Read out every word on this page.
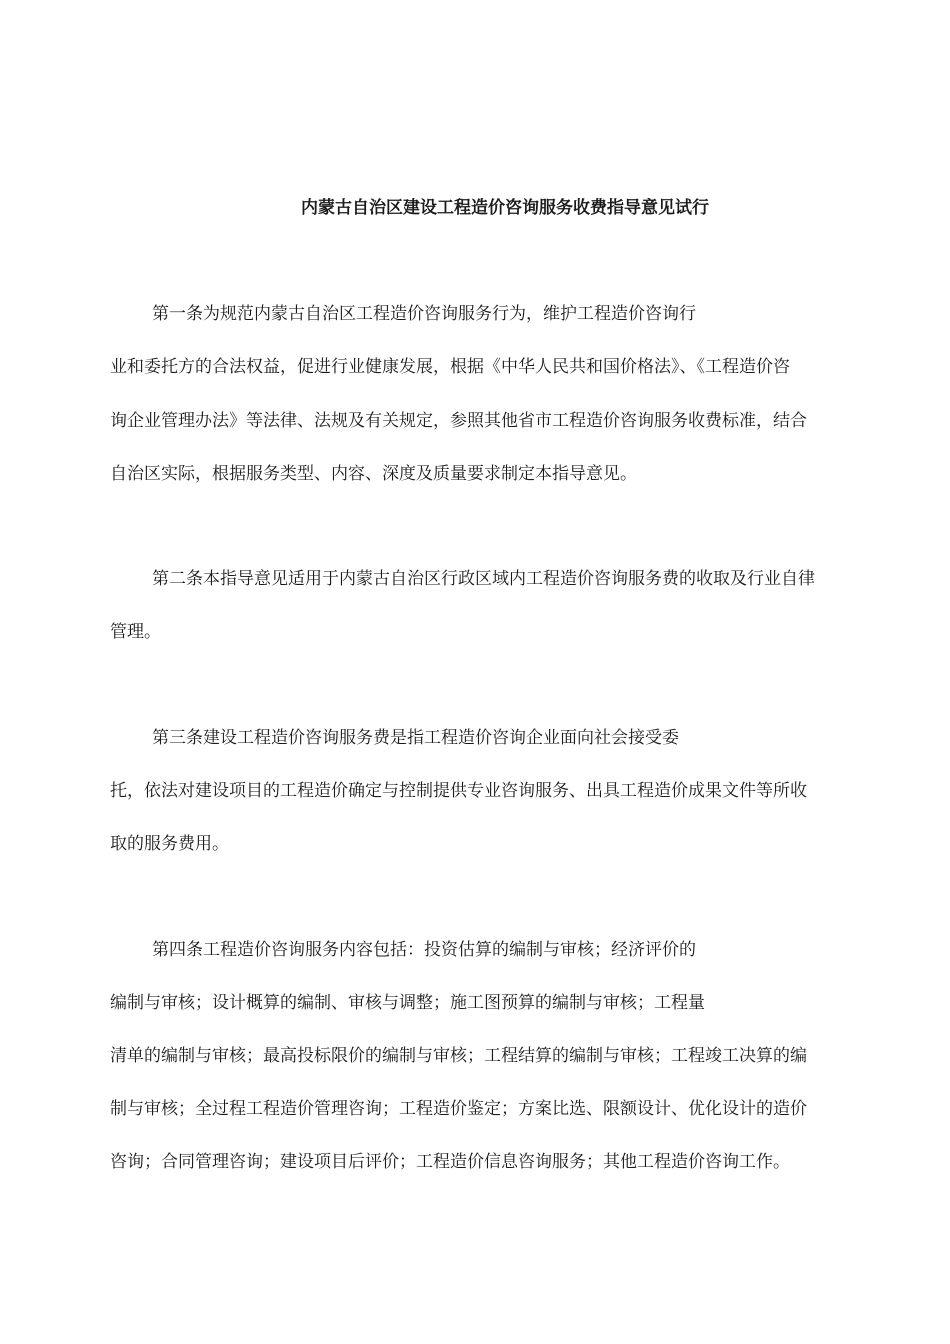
内蒙古自治区建设工程造价咨询服务收费指导意见试行
第一条为规范内蒙古自治区工程造价咨询服务行为，维护工程造价咨询行
业和委托方的合法权益，促进行业健康发展，根据《中华人民共和国价格法》、《工程造价咨
询企业管理办法》等法律、法规及有关规定，参照其他省市工程造价咨询服务收费标准，结合
自治区实际，根据服务类型、内容、深度及质量要求制定本指导意见。
第二条本指导意见适用于内蒙古自治区行政区域内工程造价咨询服务费的收取及行业自律
管理。
第三条建设工程造价咨询服务费是指工程造价咨询企业面向社会接受委
托，依法对建设项目的工程造价确定与控制提供专业咨询服务、出具工程造价成果文件等所收
取的服务费用。
第四条工程造价咨询服务内容包括：投资估算的编制与审核；经济评价的
编制与审核；设计概算的编制、审核与调整；施工图预算的编制与审核；工程量
清单的编制与审核；最高投标限价的编制与审核；工程结算的编制与审核；工程竣工决算的编
制与审核；全过程工程造价管理咨询；工程造价鉴定；方案比选、限额设计、优化设计的造价
咨询；合同管理咨询；建设项目后评价；工程造价信息咨询服务；其他工程造价咨询工作。
